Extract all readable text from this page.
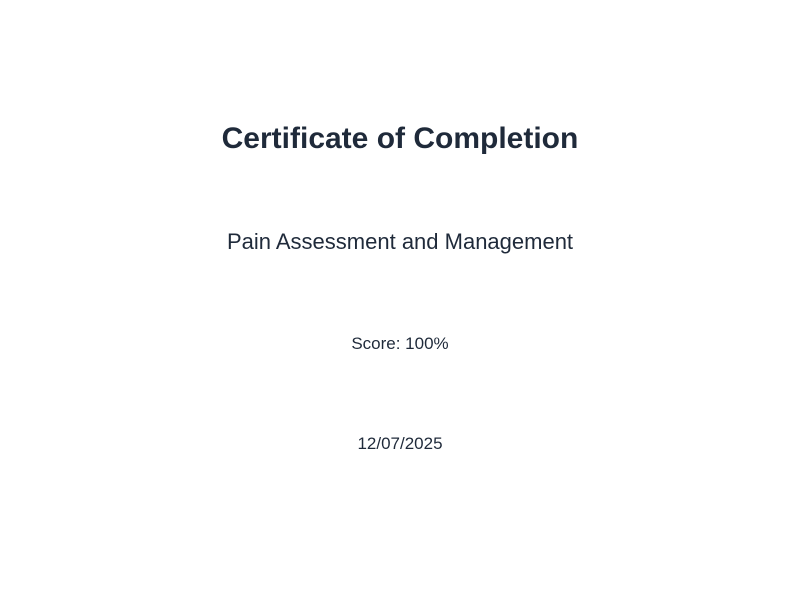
Certificate of Completion
Pain Assessment and Management
Score: 100%
12/07/2025
